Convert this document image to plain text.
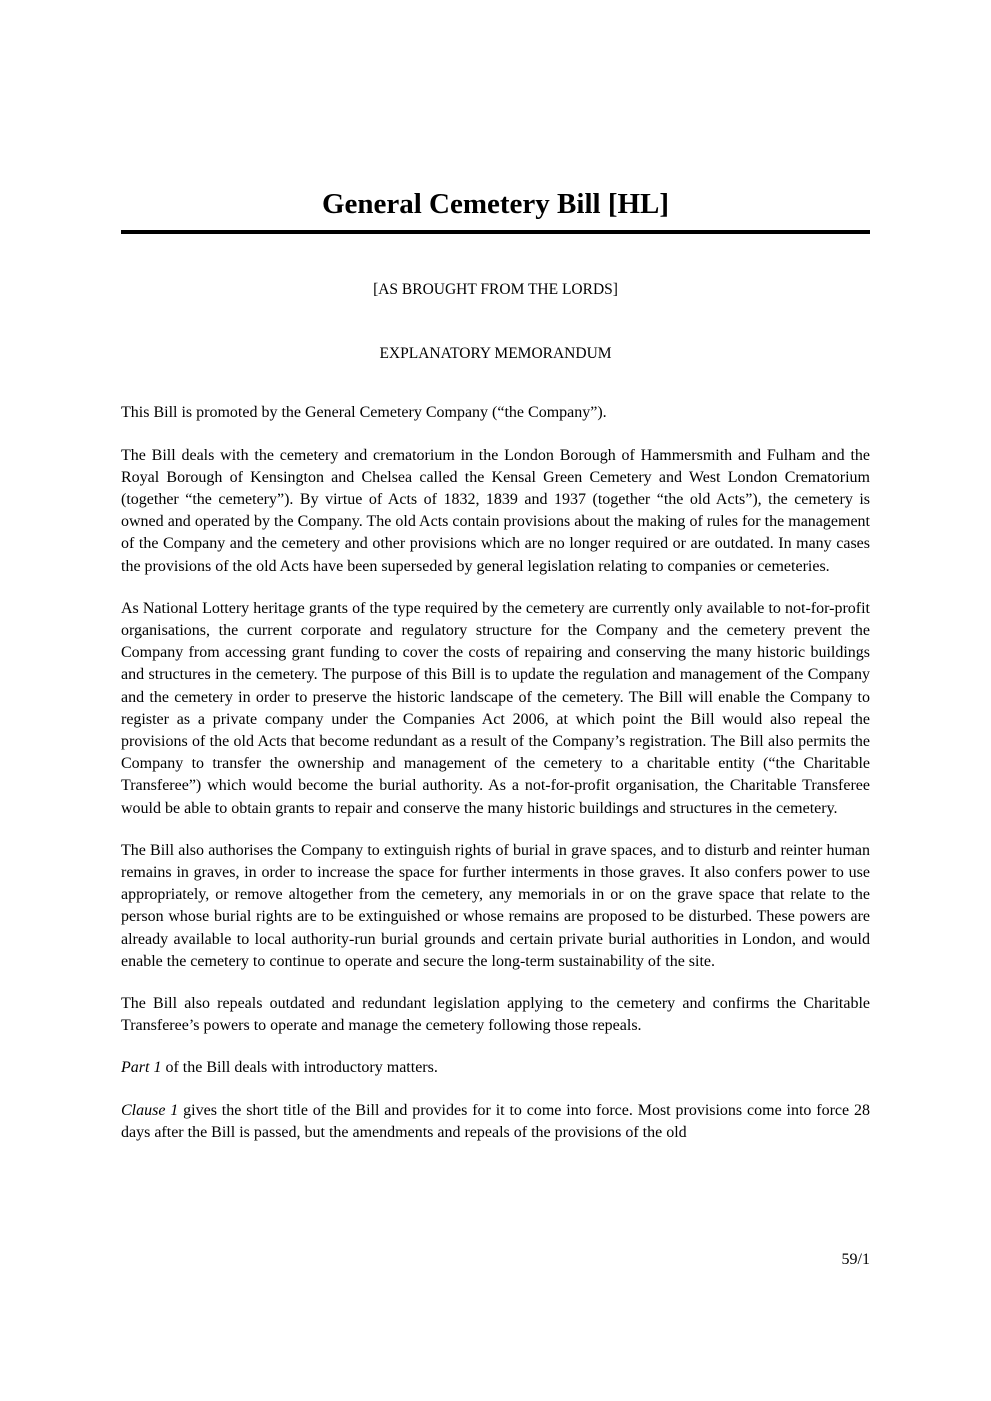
General Cemetery Bill [HL]
[AS BROUGHT FROM THE LORDS]
EXPLANATORY MEMORANDUM

This Bill is promoted by the General Cemetery Company (“the Company”).

The Bill deals with the cemetery and crematorium in the London Borough of Hammersmith and Fulham and the Royal Borough of Kensington and Chelsea called the Kensal Green Cemetery and West London Crematorium (together “the cemetery”). By virtue of Acts of 1832, 1839 and 1937 (together “the old Acts”), the cemetery is owned and operated by the Company. The old Acts contain provisions about the making of rules for the management of the Company and the cemetery and other provisions which are no longer required or are outdated. In many cases the provisions of the old Acts have been superseded by general legislation relating to companies or cemeteries.

As National Lottery heritage grants of the type required by the cemetery are currently only available to not-for-profit organisations, the current corporate and regulatory structure for the Company and the cemetery prevent the Company from accessing grant funding to cover the costs of repairing and conserving the many historic buildings and structures in the cemetery. The purpose of this Bill is to update the regulation and management of the Company and the cemetery in order to preserve the historic landscape of the cemetery. The Bill will enable the Company to register as a private company under the Companies Act 2006, at which point the Bill would also repeal the provisions of the old Acts that become redundant as a result of the Company’s registration. The Bill also permits the Company to transfer the ownership and management of the cemetery to a charitable entity (“the Charitable Transferee”) which would become the burial authority. As a not-for-profit organisation, the Charitable Transferee would be able to obtain grants to repair and conserve the many historic buildings and structures in the cemetery.

The Bill also authorises the Company to extinguish rights of burial in grave spaces, and to disturb and reinter human remains in graves, in order to increase the space for further interments in those graves. It also confers power to use appropriately, or remove altogether from the cemetery, any memorials in or on the grave space that relate to the person whose burial rights are to be extinguished or whose remains are proposed to be disturbed. These powers are already available to local authority-run burial grounds and certain private burial authorities in London, and would enable the cemetery to continue to operate and secure the long-term sustainability of the site.

The Bill also repeals outdated and redundant legislation applying to the cemetery and confirms the Charitable Transferee’s powers to operate and manage the cemetery following those repeals.

Part 1 of the Bill deals with introductory matters.

Clause 1 gives the short title of the Bill and provides for it to come into force. Most provisions come into force 28 days after the Bill is passed, but the amendments and repeals of the provisions of the old

59/1
